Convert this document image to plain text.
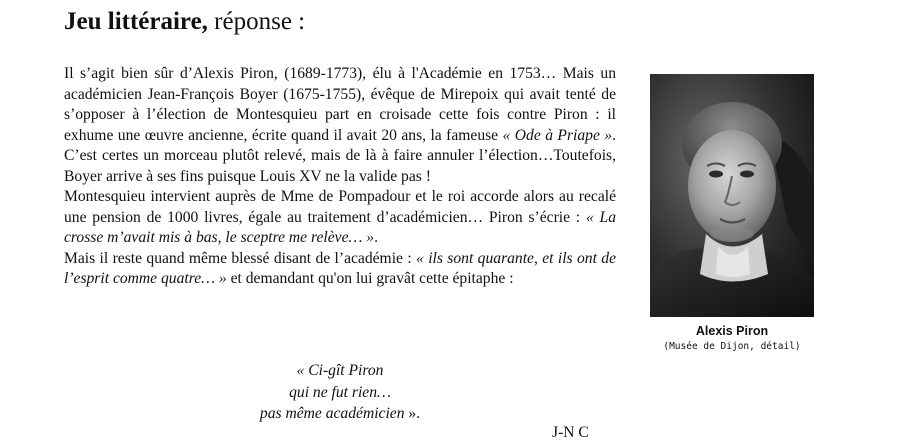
Jeu littéraire, réponse :

Il s’agit bien sûr d’Alexis Piron, (1689-1773), élu à l'Académie en 1753… Mais un académicien Jean-François Boyer (1675-1755), évêque de Mirepoix qui avait tenté de s’opposer à l’élection de Montesquieu part en croisade cette fois contre Piron : il exhume une œuvre ancienne, écrite quand il avait 20 ans, la fameuse « Ode à Priape ». C’est certes un morceau plutôt relevé, mais de là à faire annuler l’élection…Toutefois, Boyer arrive à ses fins puisque Louis XV ne la valide pas !

Montesquieu intervient auprès de Mme de Pompadour et le roi accorde alors au recalé une pension de 1000 livres, égale au traitement d’académicien… Piron s’écrie : « La crosse m’avait mis à bas, le sceptre me relève… ».

Mais il reste quand même blessé disant de l’académie : « ils sont quarante, et ils ont de l’esprit comme quatre… » et demandant qu'on lui gravât cette épitaphe :

« Ci-gît Piron
qui ne fut rien…
pas même académicien ».
J-N C
Alexis Piron
(Musée de Dijon, détail)
